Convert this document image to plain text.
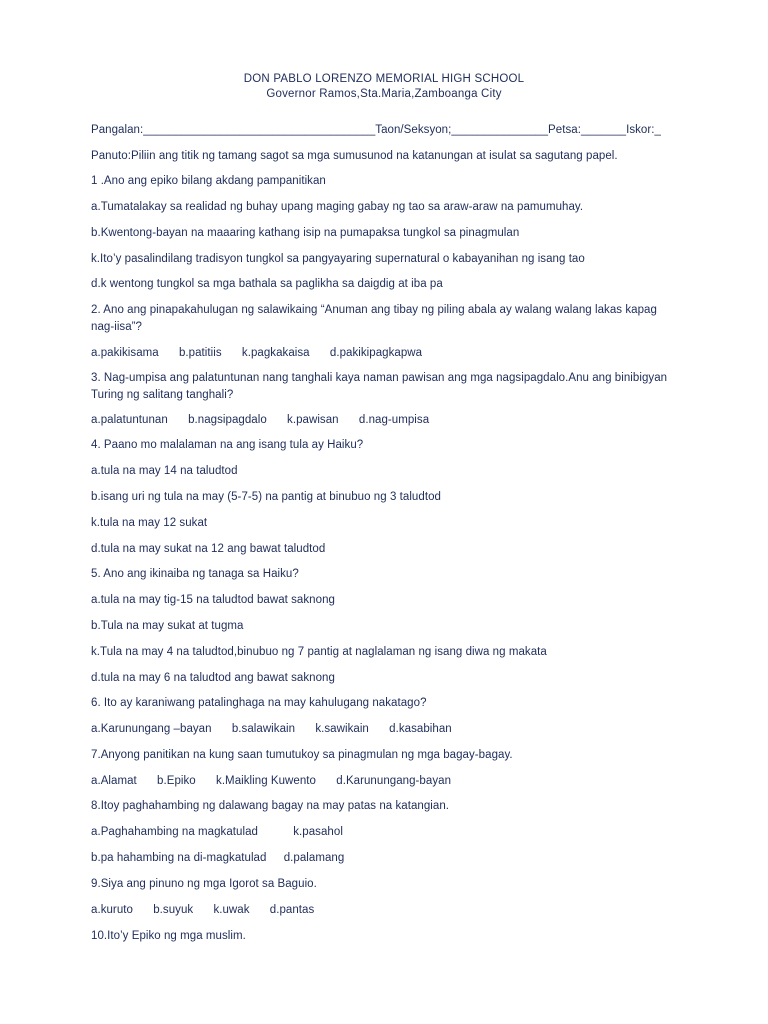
DON PABLO LORENZO MEMORIAL HIGH SCHOOL
Governor Ramos,Sta.Maria,Zamboanga City
Pangalan:____________________________________Taon/Seksyon;_______________Petsa:_______Iskor:_
Panuto:Piliin ang titik ng tamang sagot sa mga sumusunod na katanungan at isulat sa sagutang papel.
1 .Ano ang epiko bilang akdang pampanitikan
a.Tumatalakay sa realidad ng buhay upang maging gabay ng tao sa araw-araw na pamumuhay.
b.Kwentong-bayan na maaaring kathang isip na pumapaksa tungkol sa pinagmulan
k.Ito’y pasalindilang tradisyon tungkol sa pangyayaring supernatural o kabayanihan ng isang tao
d.k wentong tungkol sa mga bathala sa paglikha sa daigdig at iba pa
2. Ano ang pinapakahulugan ng salawikaing “Anuman ang tibay ng piling abala ay walang walang lakas kapag nag-iisa”?
a.pakikisama b.patitiis k.pagkakaisa d.pakikipagkapwa
3. Nag-umpisa ang palatuntunan nang tanghali kaya naman pawisan ang mga nagsipagdalo.Anu ang binibigyan Turing ng salitang tanghali?
a.palatuntunan b.nagsipagdalo k.pawisan d.nag-umpisa
4. Paano mo malalaman na ang isang tula ay Haiku?
a.tula na may 14 na taludtod
b.isang uri ng tula na may (5-7-5) na pantig at binubuo ng 3 taludtod
k.tula na may 12 sukat
d.tula na may sukat na 12 ang bawat taludtod
5. Ano ang ikinaiba ng tanaga sa Haiku?
a.tula na may tig-15 na taludtod bawat saknong
b.Tula na may sukat at tugma
k.Tula na may 4 na taludtod,binubuo ng 7 pantig at naglalaman ng isang diwa ng makata
d.tula na may 6 na taludtod ang bawat saknong
6. Ito ay karaniwang patalinghaga na may kahulugang nakatago?
a.Karunungang –bayan b.salawikain k.sawikain d.kasabihan
7.Anyong panitikan na kung saan tumutukoy sa pinagmulan ng mga bagay-bagay.
a.Alamat b.Epiko k.Maikling Kuwento d.Karunungang-bayan
8.Itoy paghahambing ng dalawang bagay na may patas na katangian.
a.Paghahambing na magkatulad	k.pasahol
b.pa hahambing na di-magkatulad d.palamang
9.Siya ang pinuno ng mga Igorot sa Baguio.
a.kuruto b.suyuk k.uwak d.pantas
10.Ito’y Epiko ng mga muslim.
